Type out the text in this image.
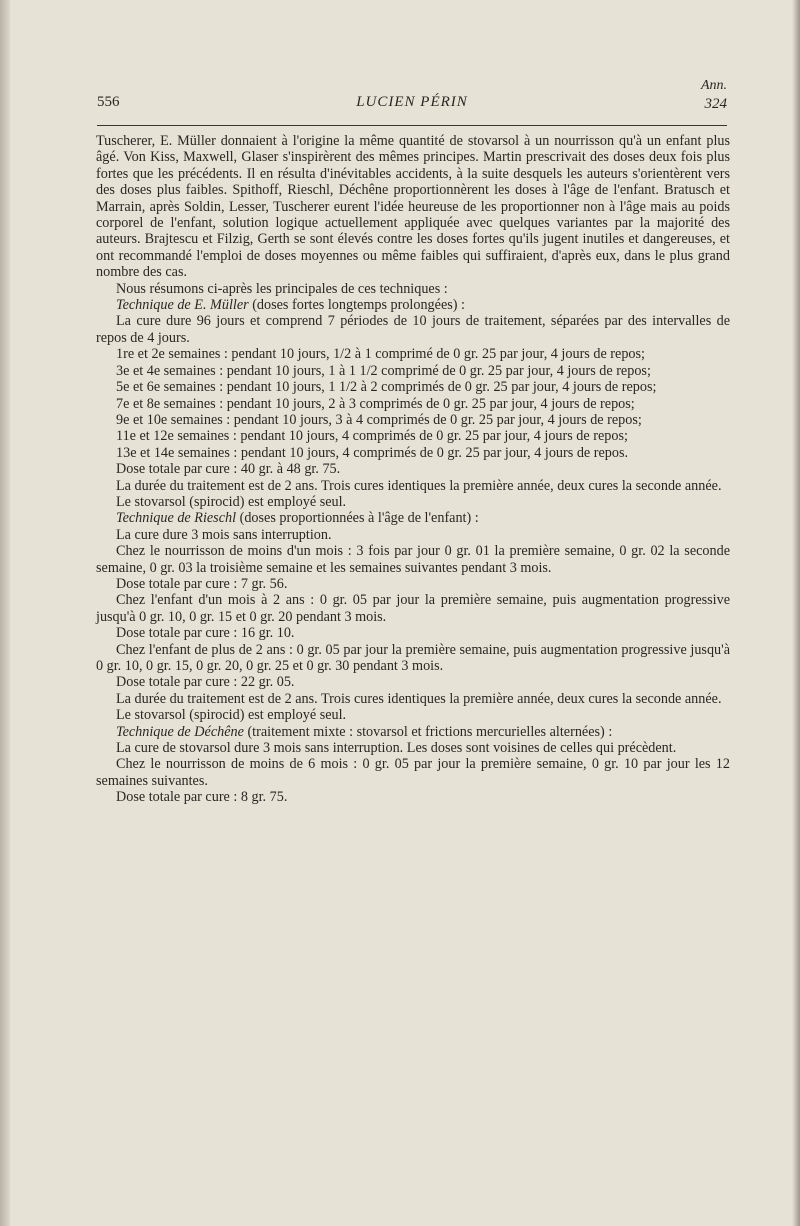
556	LUCIEN PÉRIN
Ann.
324

Tuscherer, E. Müller donnaient à l'origine la même quantité de stovarsol à un nourrisson qu'à un enfant plus âgé. Von Kiss, Maxwell, Glaser s'inspirèrent des mêmes principes. Martin prescrivait des doses deux fois plus fortes que les précédents. Il en résulta d'inévitables accidents, à la suite desquels les auteurs s'orientèrent vers des doses plus faibles. Spithoff, Rieschl, Déchêne proportionnèrent les doses à l'âge de l'enfant. Bratusch et Marrain, après Soldin, Lesser, Tuscherer eurent l'idée heureuse de les proportionner non à l'âge mais au poids corporel de l'enfant, solution logique actuellement appliquée avec quelques variantes par la majorité des auteurs. Brajtescu et Filzig, Gerth se sont élevés contre les doses fortes qu'ils jugent inutiles et dangereuses, et ont recommandé l'emploi de doses moyennes ou même faibles qui suffiraient, d'après eux, dans le plus grand nombre des cas.

Nous résumons ci-après les principales de ces techniques :

Technique de E. Müller (doses fortes longtemps prolongées) :

La cure dure 96 jours et comprend 7 périodes de 10 jours de traitement, séparées par des intervalles de repos de 4 jours.

1re et 2e semaines : pendant 10 jours, 1/2 à 1 comprimé de 0 gr. 25 par jour, 4 jours de repos;

3e et 4e semaines : pendant 10 jours, 1 à 1 1/2 comprimé de 0 gr. 25 par jour, 4 jours de repos;

5e et 6e semaines : pendant 10 jours, 1 1/2 à 2 comprimés de 0 gr. 25 par jour, 4 jours de repos;

7e et 8e semaines : pendant 10 jours, 2 à 3 comprimés de 0 gr. 25 par jour, 4 jours de repos;

9e et 10e semaines : pendant 10 jours, 3 à 4 comprimés de 0 gr. 25 par jour, 4 jours de repos;

11e et 12e semaines : pendant 10 jours, 4 comprimés de 0 gr. 25 par jour, 4 jours de repos;

13e et 14e semaines : pendant 10 jours, 4 comprimés de 0 gr. 25 par jour, 4 jours de repos.

Dose totale par cure : 40 gr. à 48 gr. 75.

La durée du traitement est de 2 ans. Trois cures identiques la première année, deux cures la seconde année.

Le stovarsol (spirocid) est employé seul.

Technique de Rieschl (doses proportionnées à l'âge de l'enfant) :

La cure dure 3 mois sans interruption.

Chez le nourrisson de moins d'un mois : 3 fois par jour 0 gr. 01 la première semaine, 0 gr. 02 la seconde semaine, 0 gr. 03 la troisième semaine et les semaines suivantes pendant 3 mois.

Dose totale par cure : 7 gr. 56.

Chez l'enfant d'un mois à 2 ans : 0 gr. 05 par jour la première semaine, puis augmentation progressive jusqu'à 0 gr. 10, 0 gr. 15 et 0 gr. 20 pendant 3 mois.

Dose totale par cure : 16 gr. 10.

Chez l'enfant de plus de 2 ans : 0 gr. 05 par jour la première semaine, puis augmentation progressive jusqu'à 0 gr. 10, 0 gr. 15, 0 gr. 20, 0 gr. 25 et 0 gr. 30 pendant 3 mois.

Dose totale par cure : 22 gr. 05.

La durée du traitement est de 2 ans. Trois cures identiques la première année, deux cures la seconde année.

Le stovarsol (spirocid) est employé seul.

Technique de Déchêne (traitement mixte : stovarsol et frictions mercurielles alternées) :

La cure de stovarsol dure 3 mois sans interruption. Les doses sont voisines de celles qui précèdent.

Chez le nourrisson de moins de 6 mois : 0 gr. 05 par jour la première semaine, 0 gr. 10 par jour les 12 semaines suivantes.

Dose totale par cure : 8 gr. 75.
